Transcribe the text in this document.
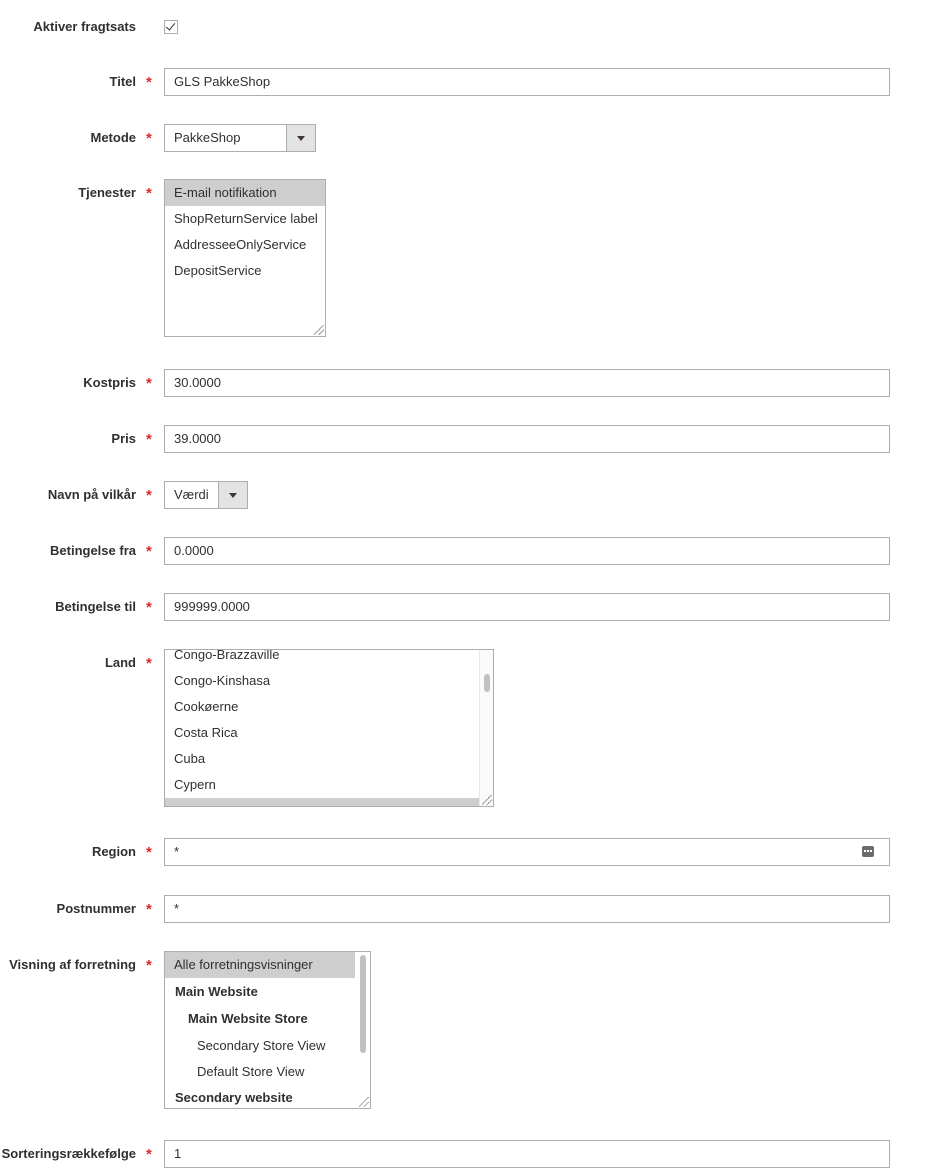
Aktiver fragtsats
Titel *	GLS PakkeShop
Metode * PakkeShop
Tjenester *	E-mail notifikation
ShopReturnService label
AddresseeOnlyService
DepositService
Kostpris *	30.0000
Pris *	39.0000
Navn på vilkår * Værdi
Betingelse fra *	0.0000
Betingelse til *	999999.0000
Land *
Congo-Brazzaville
Congo-Kinshasa
Cookøerne
Costa Rica
Cuba
Cypern
Region *	*
Postnummer *	*
Visning af forretning *	Alle forretningsvisninger
Main Website
Main Website Store
Secondary Store View
Default Store View
Secondary website
Sorteringsrækkefølge *	1
